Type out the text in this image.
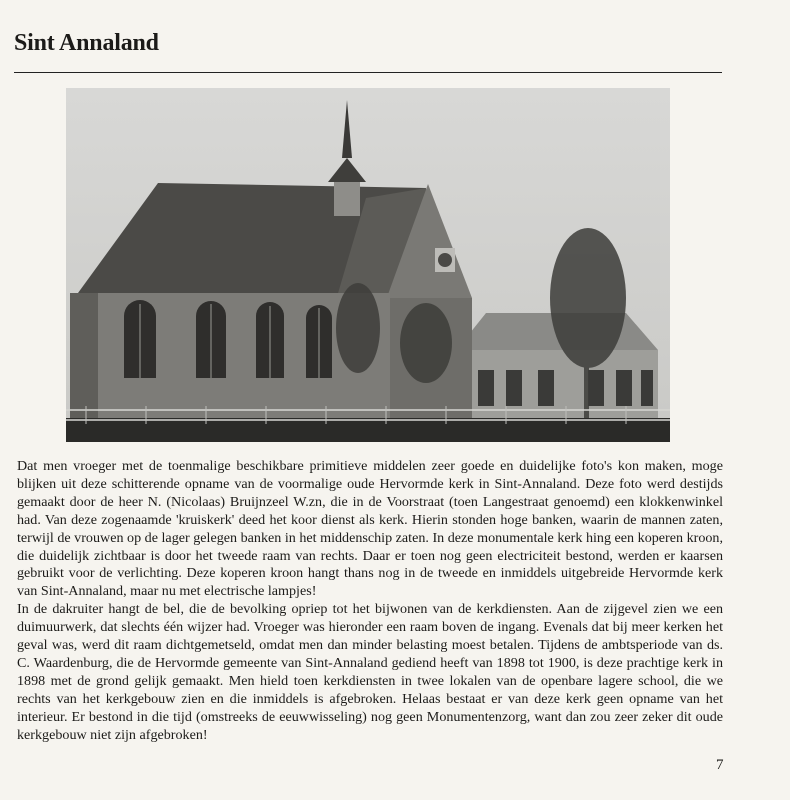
Sint Annaland

Dat men vroeger met de toenmalige beschikbare primitieve middelen zeer goede en duidelijke foto's kon maken, moge blijken uit deze schitterende opname van de voormalige oude Hervormde kerk in Sint-Annaland. Deze foto werd destijds gemaakt door de heer N. (Nicolaas) Bruijnzeel W.zn, die in de Voorstraat (toen Langestraat genoemd) een klokkenwinkel had. Van deze zogenaamde 'kruiskerk' deed het koor dienst als kerk. Hierin stonden hoge banken, waarin de mannen zaten, terwijl de vrouwen op de lager gelegen banken in het middenschip zaten. In deze monumentale kerk hing een koperen kroon, die duidelijk zichtbaar is door het tweede raam van rechts. Daar er toen nog geen electriciteit bestond, werden er kaarsen gebruikt voor de verlichting. Deze koperen kroon hangt thans nog in de tweede en inmiddels uitgebreide Hervormde kerk van Sint-Annaland, maar nu met electrische lampjes!

In de dakruiter hangt de bel, die de bevolking opriep tot het bijwonen van de kerkdiensten. Aan de zijgevel zien we een duimuurwerk, dat slechts één wijzer had. Vroeger was hieronder een raam boven de ingang. Evenals dat bij meer kerken het geval was, werd dit raam dichtgemetseld, omdat men dan minder belasting moest betalen. Tijdens de ambtsperiode van ds. C. Waardenburg, die de Hervormde gemeente van Sint-Annaland gediend heeft van 1898 tot 1900, is deze prachtige kerk in 1898 met de grond gelijk gemaakt. Men hield toen kerkdiensten in twee lokalen van de openbare lagere school, die we rechts van het kerkgebouw zien en die inmiddels is afgebroken. Helaas bestaat er van deze kerk geen opname van het interieur. Er bestond in die tijd (omstreeks de eeuwwisseling) nog geen Monumentenzorg, want dan zou zeer zeker dit oude kerkgebouw niet zijn afgebroken!

7
